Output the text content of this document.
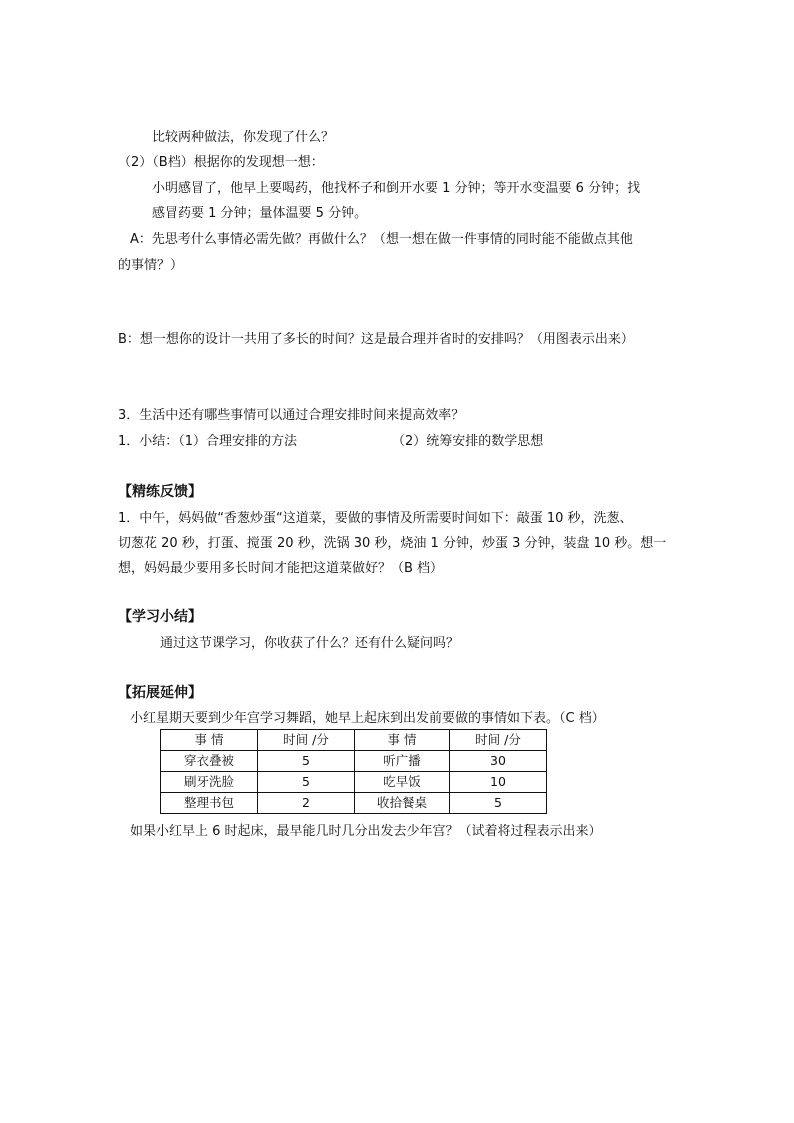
比较两种做法，你发现了什么？
（2）（B档）根据你的发现想一想：
小明感冒了，他早上要喝药，他找杯子和倒开水要 1 分钟；等开水变温要 6 分钟；找
感冒药要 1 分钟；量体温要 5 分钟。
A：先思考什么事情必需先做？再做什么？（想一想在做一件事情的同时能不能做点其他
的事情？）
B：想一想你的设计一共用了多长的时间？这是最合理并省时的安排吗？（用图表示出来）
3．生活中还有哪些事情可以通过合理安排时间来提高效率？
1．小结：（1）合理安排的方法	（2）统筹安排的数学思想
【精练反馈】
1．中午，妈妈做“香葱炒蛋“这道菜，要做的事情及所需要时间如下：敲蛋 10 秒，洗葱、
切葱花 20 秒，打蛋、搅蛋 20 秒，洗锅 30 秒，烧油 1 分钟，炒蛋 3 分钟，装盘 10 秒。想一
想，妈妈最少要用多长时间才能把这道菜做好？（B 档）
【学习小结】
通过这节课学习，你收获了什么？还有什么疑问吗？
【拓展延伸】
小红星期天要到少年宫学习舞蹈，她早上起床到出发前要做的事情如下表。（C 档）
事 情	时间 /分	事 情	时间 /分
穿衣叠被	5	听广播	30
刷牙洗脸	5	吃早饭	10
整理书包	2	收拾餐桌	5
如果小红早上 6 时起床，最早能几时几分出发去少年宫？（试着将过程表示出来）
